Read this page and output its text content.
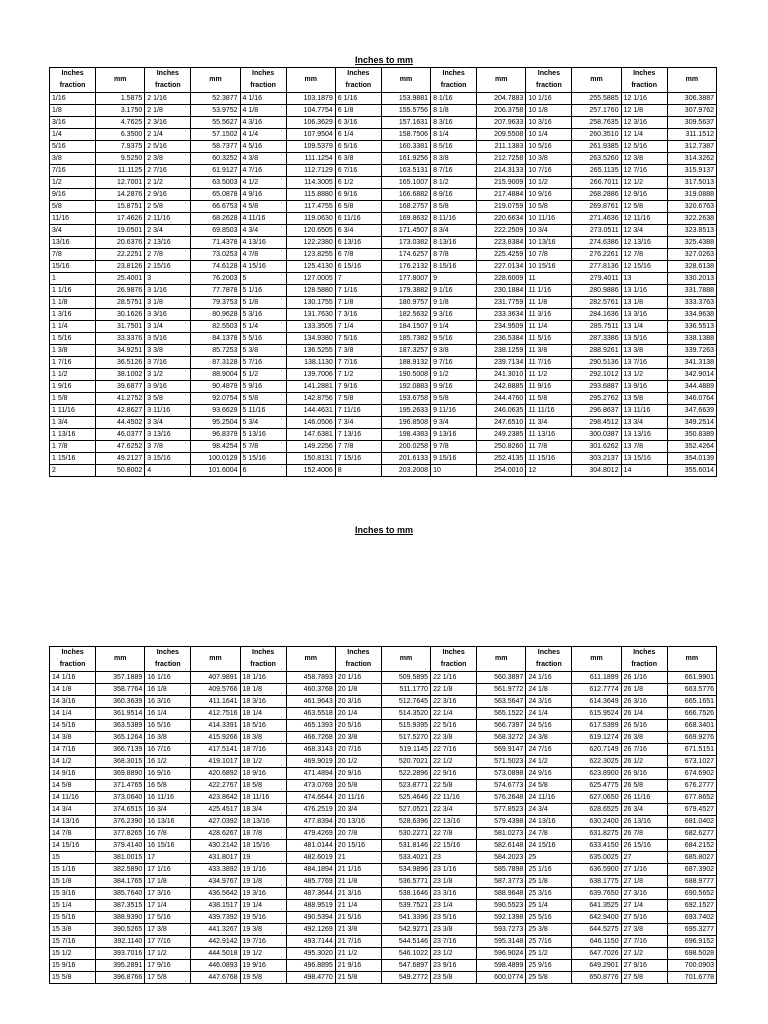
Inches to mm
Inches
fraction	mm	Inches
fraction	mm	Inches
fraction	mm	Inches
fraction	mm	Inches
fraction	mm	Inches
fraction	mm	Inches
fraction	mm
1/16	1.5875	2 1/16	52.3877	4 1/16	103.1879	6 1/16	153.9881	8 1/16	204.7883	10 1/16	255.5885	12 1/16	306.3887
1/8	3.1750	2 1/8	53.9752	4 1/8	104.7754	6 1/8	155.5756	8 1/8	206.3758	10 1/8	257.1760	12 1/8	307.9762
3/16	4.7625	2 3/16	55.5627	4 3/16	106.3629	6 3/16	157.1631	8 3/16	207.9633	10 3/16	258.7635	12 3/16	309.5637
1/4	6.3500	2 1/4	57.1502	4 1/4	107.9504	6 1/4	158.7506	8 1/4	209.5508	10 1/4	260.3510	12 1/4	311.1512
5/16	7.9375	2 5/16	58.7377	4 5/16	109.5379	6 5/16	160.3381	8 5/16	211.1383	10 5/16	261.9385	12 5/16	312.7387
3/8	9.5250	2 3/8	60.3252	4 3/8	111.1254	6 3/8	161.9256	8 3/8	212.7258	10 3/8	263.5260	12 3/8	314.3262
7/16	11.1125	2 7/16	61.9127	4 7/16	112.7129	6 7/16	163.5131	8 7/16	214.3133	10 7/16	265.1135	12 7/16	315.9137
1/2	12.7001	2 1/2	63.5003	4 1/2	114.3005	6 1/2	165.1007	8 1/2	215.9009	10 1/2	266.7011	12 1/2	317.5013
9/16	14.2876	2 9/16	65.0878	4 9/16	115.8880	6 9/16	166.6882	8 9/16	217.4884	10 9/16	268.2886	12 9/16	319.0888
5/8	15.8751	2 5/8	66.6753	4 5/8	117.4755	6 5/8	168.2757	8 5/8	219.0759	10 5/8	269.8761	12 5/8	320.6763
11/16	17.4626	2 11/16	68.2628	4 11/16	119.0630	6 11/16	169.8632	8 11/16	220.6634	10 11/16	271.4636	12 11/16	322.2638
3/4	19.0501	2 3/4	69.8503	4 3/4	120.6505	6 3/4	171.4507	8 3/4	222.2509	10 3/4	273.0511	12 3/4	323.8513
13/16	20.6376	2 13/16	71.4378	4 13/16	122.2380	6 13/16	173.0382	8 13/16	223.8384	10 13/16	274.6386	12 13/16	325.4388
7/8	22.2251	2 7/8	73.0253	4 7/8	123.8255	6 7/8	174.6257	8 7/8	225.4259	10 7/8	276.2261	12 7/8	327.0263
15/16	23.8126	2 15/16	74.6128	4 15/16	125.4130	6 15/16	176.2132	8 15/16	227.0134	10 15/16	277.8136	12 15/16	328.6138
1	25.4001	3	76.2003	5	127.0005	7	177.8007	9	228.6009	11	279.4011	13	330.2013
1 1/16	26.9876	3 1/16	77.7878	5 1/16	128.5880	7 1/16	179.3882	9 1/16	230.1884	11 1/16	280.9886	13 1/16	331.7888
1 1/8	28.5751	3 1/8	79.3753	5 1/8	130.1755	7 1/8	180.9757	9 1/8	231.7759	11 1/8	282.5761	13 1/8	333.3763
1 3/16	30.1626	3 3/16	80.9628	5 3/16	131.7630	7 3/16	182.5632	9 3/16	233.3634	11 3/16	284.1636	13 3/16	334.9638
1 1/4	31.7501	3 1/4	82.5503	5 1/4	133.3505	7 1/4	184.1507	9 1/4	234.9509	11 1/4	285.7511	13 1/4	336.5513
1 5/16	33.3376	3 5/16	84.1378	5 5/16	134.9380	7 5/16	185.7382	9 5/16	236.5384	11 5/16	287.3386	13 5/16	338.1388
1 3/8	34.9251	3 3/8	85.7253	5 3/8	136.5255	7 3/8	187.3257	9 3/8	238.1259	11 3/8	288.9261	13 3/8	339.7263
1 7/16	36.5126	3 7/16	87.3128	5 7/16	138.1130	7 7/16	188.9132	9 7/16	239.7134	11 7/16	290.5136	13 7/16	341.3138
1 1/2	38.1002	3 1/2	88.9004	5 1/2	139.7006	7 1/2	190.5008	9 1/2	241.3010	11 1/2	292.1012	13 1/2	342.9014
1 9/16	39.6877	3 9/16	90.4879	5 9/16	141.2881	7 9/16	192.0883	9 9/16	242.8885	11 9/16	293.6887	13 9/16	344.4889
1 5/8	41.2752	3 5/8	92.0754	5 5/8	142.8756	7 5/8	193.6758	9 5/8	244.4760	11 5/8	295.2762	13 5/8	346.0764
1 11/16	42.8627	3 11/16	93.6629	5 11/16	144.4631	7 11/16	195.2633	9 11/16	246.0635	11 11/16	296.8637	13 11/16	347.6639
1 3/4	44.4502	3 3/4	95.2504	5 3/4	146.0506	7 3/4	196.8508	9 3/4	247.6510	11 3/4	298.4512	13 3/4	349.2514
1 13/16	46.0377	3 13/16	96.8379	5 13/16	147.6381	7 13/16	198.4383	9 13/16	249.2385	11 13/16	300.0387	13 13/16	350.8389
1 7/8	47.6252	3 7/8	98.4254	5 7/8	149.2256	7 7/8	200.0258	9 7/8	250.8260	11 7/8	301.6262	13 7/8	352.4264
1 15/16	49.2127	3 15/16	100.0129	5 15/16	150.8131	7 15/16	201.6133	9 15/16	252.4135	11 15/16	303.2137	13 15/16	354.0139
2	50.8002	4	101.6004	6	152.4006	8	203.2008	10	254.0010	12	304.8012	14	355.6014
Inches to mm
Inches
fraction	mm	Inches
fraction	mm	Inches
fraction	mm	Inches
fraction	mm	Inches
fraction	mm	Inches
fraction	mm	Inches
fraction	mm
14 1/16	357.1889	16 1/16	407.9891	18 1/16	458.7893	20 1/16	509.5895	22 1/16	560.3897	24 1/16	611.1899	26 1/16	661.9901
14 1/8	358.7764	16 1/8	409.5766	18 1/8	460.3768	20 1/8	511.1770	22 1/8	561.9772	24 1/8	612.7774	26 1/8	663.5776
14 3/16	360.3639	16 3/16	411.1641	18 3/16	461.9643	20 3/16	512.7645	22 3/16	563.5647	24 3/16	614.3649	26 3/16	665.1651
14 1/4	361.9514	16 1/4	412.7516	18 1/4	463.5518	20 1/4	514.3520	22 1/4	565.1522	24 1/4	615.9524	26 1/4	666.7526
14 5/16	363.5389	16 5/16	414.3391	18 5/16	465.1393	20 5/16	515.9395	22 5/16	566.7397	24 5/16	617.5399	26 5/16	668.3401
14 3/8	365.1264	16 3/8	415.9266	18 3/8	466.7268	20 3/8	517.5270	22 3/8	568.3272	24 3/8	619.1274	26 3/8	669.9276
14 7/16	366.7139	16 7/16	417.5141	18 7/16	468.3143	20 7/16	519.1145	22 7/16	569.9147	24 7/16	620.7149	26 7/16	671.5151
14 1/2	368.3015	16 1/2	419.1017	18 1/2	469.9019	20 1/2	520.7021	22 1/2	571.5023	24 1/2	622.3025	26 1/2	673.1027
14 9/16	369.8890	16 9/16	420.6892	18 9/16	471.4894	20 9/16	522.2896	22 9/16	573.0898	24 9/16	623.8900	26 9/16	674.6902
14 5/8	371.4765	16 5/8	422.2767	18 5/8	473.0769	20 5/8	523.8771	22 5/8	574.6773	24 5/8	625.4775	26 5/8	676.2777
14 11/16	373.0640	16 11/16	423.8642	18 11/16	474.6644	20 11/16	525.4646	22 11/16	576.2648	24 11/16	627.0650	26 11/16	677.8652
14 3/4	374.6515	16 3/4	425.4517	18 3/4	476.2519	20 3/4	527.0521	22 3/4	577.8523	24 3/4	628.6525	26 3/4	679.4527
14 13/16	376.2390	16 13/16	427.0392	18 13/16	477.8394	20 13/16	528.6396	22 13/16	579.4398	24 13/16	630.2400	26 13/16	681.0402
14 7/8	377.8265	16 7/8	428.6267	18 7/8	479.4269	20 7/8	530.2271	22 7/8	581.0273	24 7/8	631.8275	26 7/8	682.6277
14 15/16	379.4140	16 15/16	430.2142	18 15/16	481.0144	20 15/16	531.8146	22 15/16	582.6148	24 15/16	633.4150	26 15/16	684.2152
15	381.0015	17	431.8017	19	482.6019	21	533.4021	23	584.2023	25	635.0025	27	685.8027
15 1/16	382.5890	17 1/16	433.3892	19 1/16	484.1894	21 1/16	534.9896	23 1/16	585.7898	25 1/16	636.5900	27 1/16	687.3902
15 1/8	384.1765	17 1/8	434.9767	19 1/8	485.7769	21 1/8	536.5771	23 1/8	587.3773	25 1/8	638.1775	27 1/8	688.9777
15 3/16	385.7640	17 3/16	436.5642	19 3/16	487.3644	21 3/16	538.1646	23 3/16	588.9648	25 3/16	639.7650	27 3/16	690.5652
15 1/4	387.3515	17 1/4	438.1517	19 1/4	488.9519	21 1/4	539.7521	23 1/4	590.5523	25 1/4	641.3525	27 1/4	692.1527
15 5/16	388.9390	17 5/16	439.7392	19 5/16	490.5394	21 5/16	541.3396	23 5/16	592.1398	25 5/16	642.9400	27 5/16	693.7402
15 3/8	390.5265	17 3/8	441.3267	19 3/8	492.1269	21 3/8	542.9271	23 3/8	593.7273	25 3/8	644.5275	27 3/8	695.3277
15 7/16	392.1140	17 7/16	442.9142	19 7/16	493.7144	21 7/16	544.5146	23 7/16	595.3148	25 7/16	646.1150	27 7/16	696.9152
15 1/2	393.7016	17 1/2	444.5018	19 1/2	495.3020	21 1/2	546.1022	23 1/2	596.9024	25 1/2	647.7026	27 1/2	698.5028
15 9/16	395.2891	17 9/16	446.0893	19 9/16	496.8895	21 9/16	547.6897	23 9/16	598.4899	25 9/16	649.2901	27 9/16	700.0903
15 5/8	396.8766	17 5/8	447.6768	19 5/8	498.4770	21 5/8	549.2772	23 5/8	600.0774	25 5/8	650.8776	27 5/8	701.6778
